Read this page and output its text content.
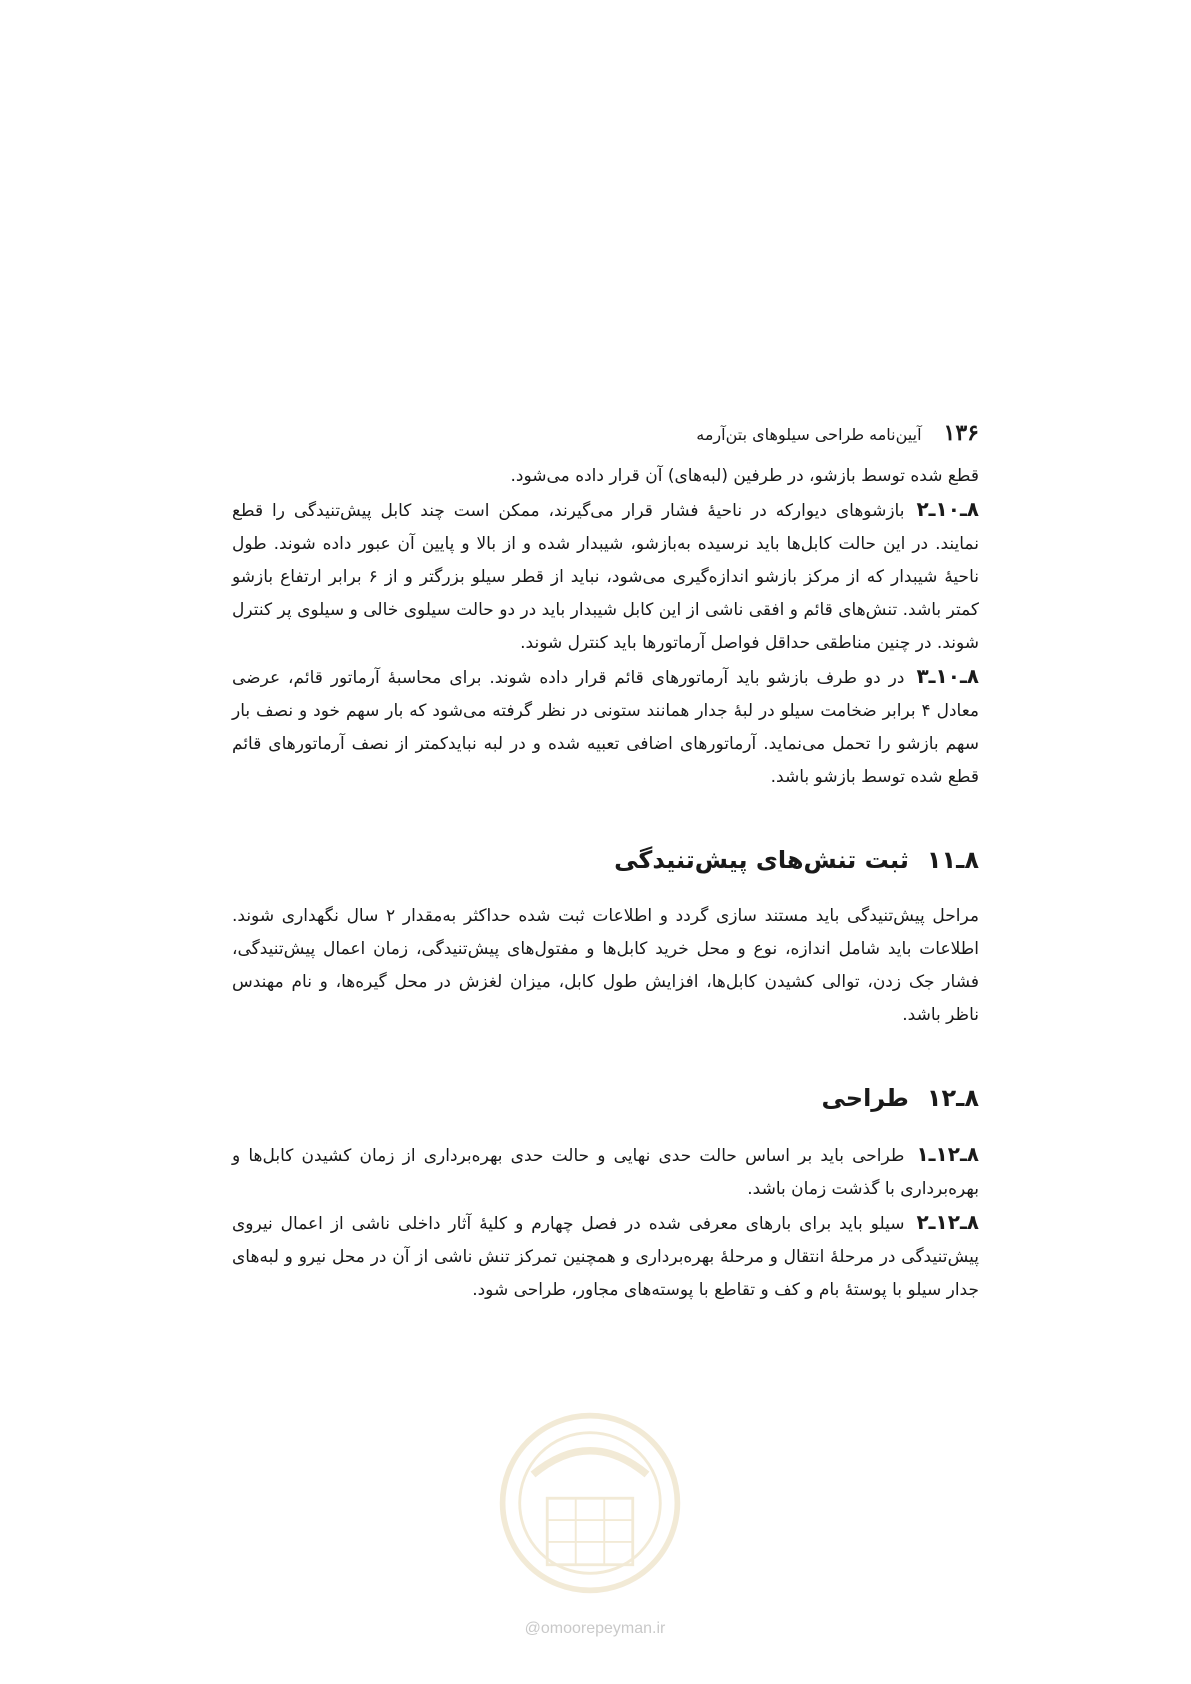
۱۳۶
آیین‌نامه طراحی سیلوهای بتن‌آرمه

قطع شده توسط بازشو، در طرفین (لبه‌های) آن قرار داده می‌شود.

۸ـ۱۰ـ۲بازشوهای دیوارکه در ناحیهٔ فشار قرار می‌گیرند، ممکن است چند کابل پیش‌تنیدگی را قطع نمایند. در این حالت کابل‌ها باید نرسیده به‌بازشو، شیبدار شده و از بالا و پایین آن عبور داده شوند. طول ناحیهٔ شیبدار که از مرکز بازشو اندازه‌گیری می‌شود، نباید از قطر سیلو بزرگتر و از ۶ برابر ارتفاع بازشو کمتر باشد. تنش‌های قائم و افقی ناشی از این کابل شیبدار باید در دو حالت سیلوی خالی و سیلوی پر کنترل شوند. در چنین مناطقی حداقل فواصل آرماتورها باید کنترل شوند.

۸ـ۱۰ـ۳در دو طرف بازشو باید آرماتورهای قائم قرار داده شوند. برای محاسبهٔ آرماتور قائم، عرضی معادل ۴ برابر ضخامت سیلو در لبهٔ جدار همانند ستونی در نظر گرفته می‌شود که بار سهم خود و نصف بار سهم بازشو را تحمل می‌نماید. آرماتورهای اضافی تعبیه شده و در لبه نبایدکمتر از نصف آرماتورهای قائم قطع شده توسط بازشو باشد.

۸ـ۱۱ثبت تنش‌های پیش‌تنیدگی

مراحل پیش‌تنیدگی باید مستند سازی گردد و اطلاعات ثبت شده حداکثر به‌مقدار ۲ سال نگهداری شوند. اطلاعات باید شامل اندازه، نوع و محل خرید کابل‌ها و مفتول‌های پیش‌تنیدگی، زمان اعمال پیش‌تنیدگی، فشار جک زدن، توالی کشیدن کابل‌ها، افزایش طول کابل، میزان لغزش در محل گیره‌ها، و نام مهندس ناظر باشد.

۸ـ۱۲طراحی

۸ـ۱۲ـ۱طراحی باید بر اساس حالت حدی نهایی و حالت حدی بهره‌برداری از زمان کشیدن کابل‌ها و بهره‌برداری با گذشت زمان باشد.

۸ـ۱۲ـ۲سیلو باید برای بارهای معرفی شده در فصل چهارم و کلیهٔ آثار داخلی ناشی از اعمال نیروی پیش‌تنیدگی در مرحلهٔ انتقال و مرحلهٔ بهره‌برداری و همچنین تمرکز تنش ناشی از آن در محل نیرو و لبه‌های جدار سیلو با پوستهٔ بام و کف و تقاطع با پوسته‌های مجاور، طراحی شود.

@omoorepeyman.ir
